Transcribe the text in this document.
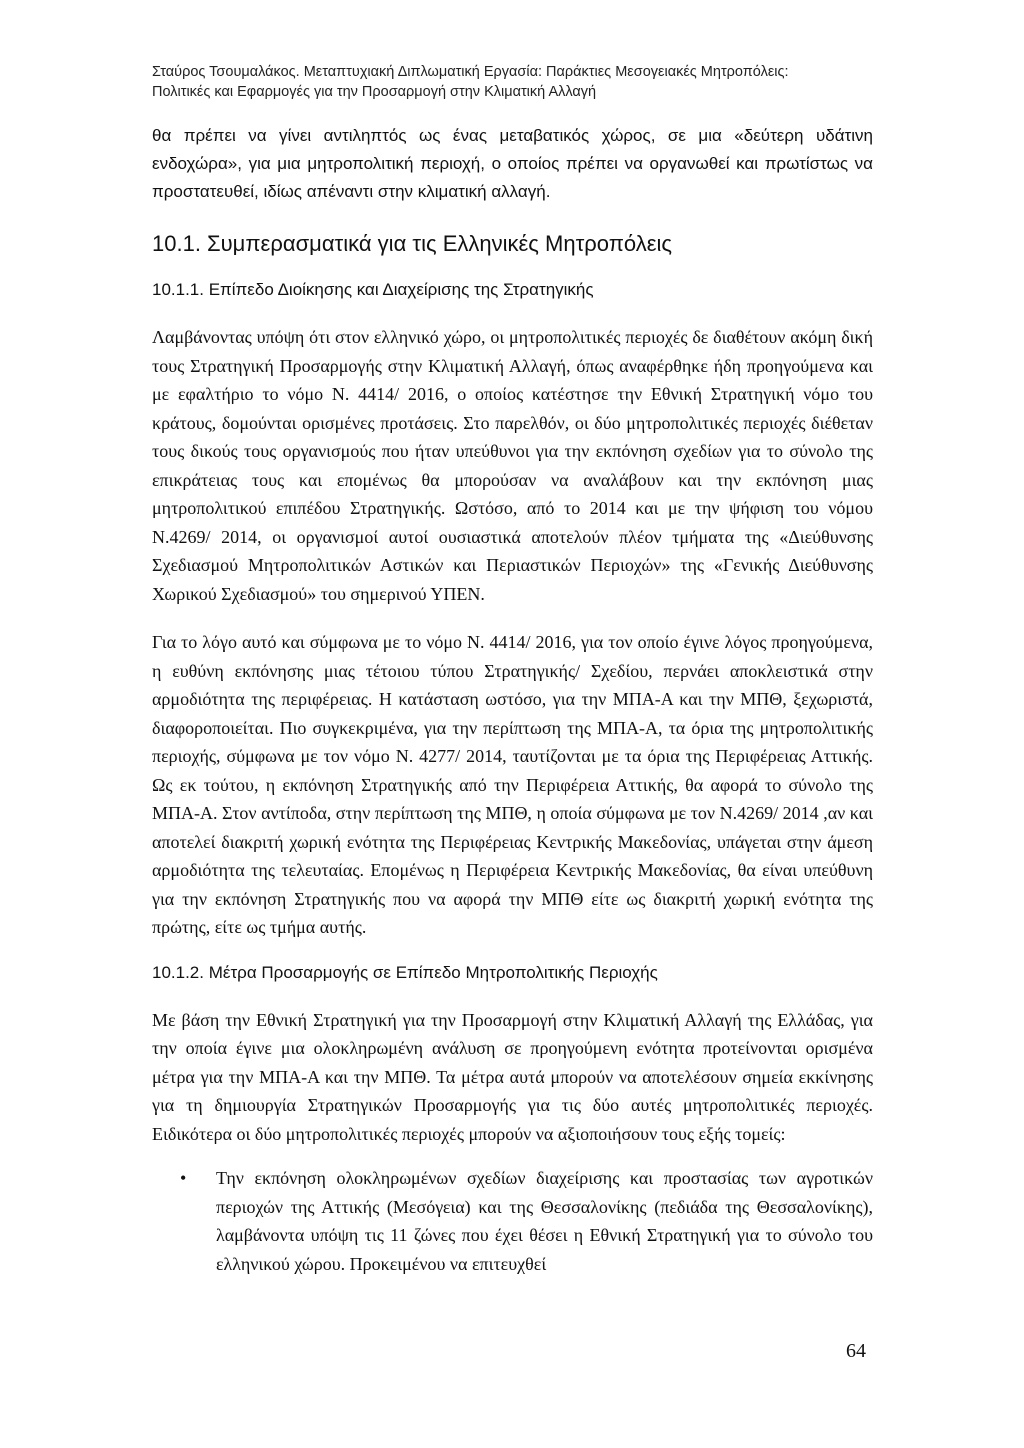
Σταύρος Τσουμαλάκος. Μεταπτυχιακή Διπλωματική Εργασία: Παράκτιες Μεσογειακές Μητροπόλεις:
Πολιτικές και Εφαρμογές για την Προσαρμογή στην Κλιματική Αλλαγή

θα πρέπει να γίνει αντιληπτός ως ένας μεταβατικός χώρος, σε μια «δεύτερη υδάτινη ενδοχώρα», για μια μητροπολιτική περιοχή, ο οποίος πρέπει να οργανωθεί και πρωτίστως να προστατευθεί, ιδίως απέναντι στην κλιματική αλλαγή.

10.1. Συμπερασματικά για τις Ελληνικές Μητροπόλεις
10.1.1. Επίπεδο Διοίκησης και Διαχείρισης της Στρατηγικής

Λαμβάνοντας υπόψη ότι στον ελληνικό χώρο, οι μητροπολιτικές περιοχές δε διαθέτουν ακόμη δική τους Στρατηγική Προσαρμογής στην Κλιματική Αλλαγή, όπως αναφέρθηκε ήδη προηγούμενα και με εφαλτήριο το νόμο Ν. 4414/ 2016, ο οποίος κατέστησε την Εθνική Στρατηγική νόμο του κράτους, δομούνται ορισμένες προτάσεις. Στο παρελθόν, οι δύο μητροπολιτικές περιοχές διέθεταν τους δικούς τους οργανισμούς που ήταν υπεύθυνοι για την εκπόνηση σχεδίων για το σύνολο της επικράτειας τους και επομένως θα μπορούσαν να αναλάβουν και την εκπόνηση μιας μητροπολιτικού επιπέδου Στρατηγικής. Ωστόσο, από το 2014 και με την ψήφιση του νόμου Ν.4269/ 2014, οι οργανισμοί αυτοί ουσιαστικά αποτελούν πλέον τμήματα της «Διεύθυνσης Σχεδιασμού Μητροπολιτικών Αστικών και Περιαστικών Περιοχών» της «Γενικής Διεύθυνσης Χωρικού Σχεδιασμού» του σημερινού ΥΠΕΝ.

Για το λόγο αυτό και σύμφωνα με το νόμο Ν. 4414/ 2016, για τον οποίο έγινε λόγος προηγούμενα, η ευθύνη εκπόνησης μιας τέτοιου τύπου Στρατηγικής/ Σχεδίου, περνάει αποκλειστικά στην αρμοδιότητα της περιφέρειας. Η κατάσταση ωστόσο, για την ΜΠΑ-Α και την ΜΠΘ, ξεχωριστά, διαφοροποιείται. Πιο συγκεκριμένα, για την περίπτωση της ΜΠΑ-Α, τα όρια της μητροπολιτικής περιοχής, σύμφωνα με τον νόμο Ν. 4277/ 2014, ταυτίζονται με τα όρια της Περιφέρειας Αττικής. Ως εκ τούτου, η εκπόνηση Στρατηγικής από την Περιφέρεια Αττικής, θα αφορά το σύνολο της ΜΠΑ-Α. Στον αντίποδα, στην περίπτωση της ΜΠΘ, η οποία σύμφωνα με τον Ν.4269/ 2014 ,αν και αποτελεί διακριτή χωρική ενότητα της Περιφέρειας Κεντρικής Μακεδονίας, υπάγεται στην άμεση αρμοδιότητα της τελευταίας. Επομένως η Περιφέρεια Κεντρικής Μακεδονίας, θα είναι υπεύθυνη για την εκπόνηση Στρατηγικής που να αφορά την ΜΠΘ είτε ως διακριτή χωρική ενότητα της πρώτης, είτε ως τμήμα αυτής.

10.1.2. Μέτρα Προσαρμογής σε Επίπεδο Μητροπολιτικής Περιοχής

Με βάση την Εθνική Στρατηγική για την Προσαρμογή στην Κλιματική Αλλαγή της Ελλάδας, για την οποία έγινε μια ολοκληρωμένη ανάλυση σε προηγούμενη ενότητα προτείνονται ορισμένα μέτρα για την ΜΠΑ-Α και την ΜΠΘ. Τα μέτρα αυτά μπορούν να αποτελέσουν σημεία εκκίνησης για τη δημιουργία Στρατηγικών Προσαρμογής για τις δύο αυτές μητροπολιτικές περιοχές. Ειδικότερα οι δύο μητροπολιτικές περιοχές μπορούν να αξιοποιήσουν τους εξής τομείς:

• Την εκπόνηση ολοκληρωμένων σχεδίων διαχείρισης και προστασίας των αγροτικών περιοχών της Αττικής (Μεσόγεια) και της Θεσσαλονίκης (πεδιάδα της Θεσσαλονίκης), λαμβάνοντα υπόψη τις 11 ζώνες που έχει θέσει η Εθνική Στρατηγική για το σύνολο του ελληνικού χώρου. Προκειμένου να επιτευχθεί
64
